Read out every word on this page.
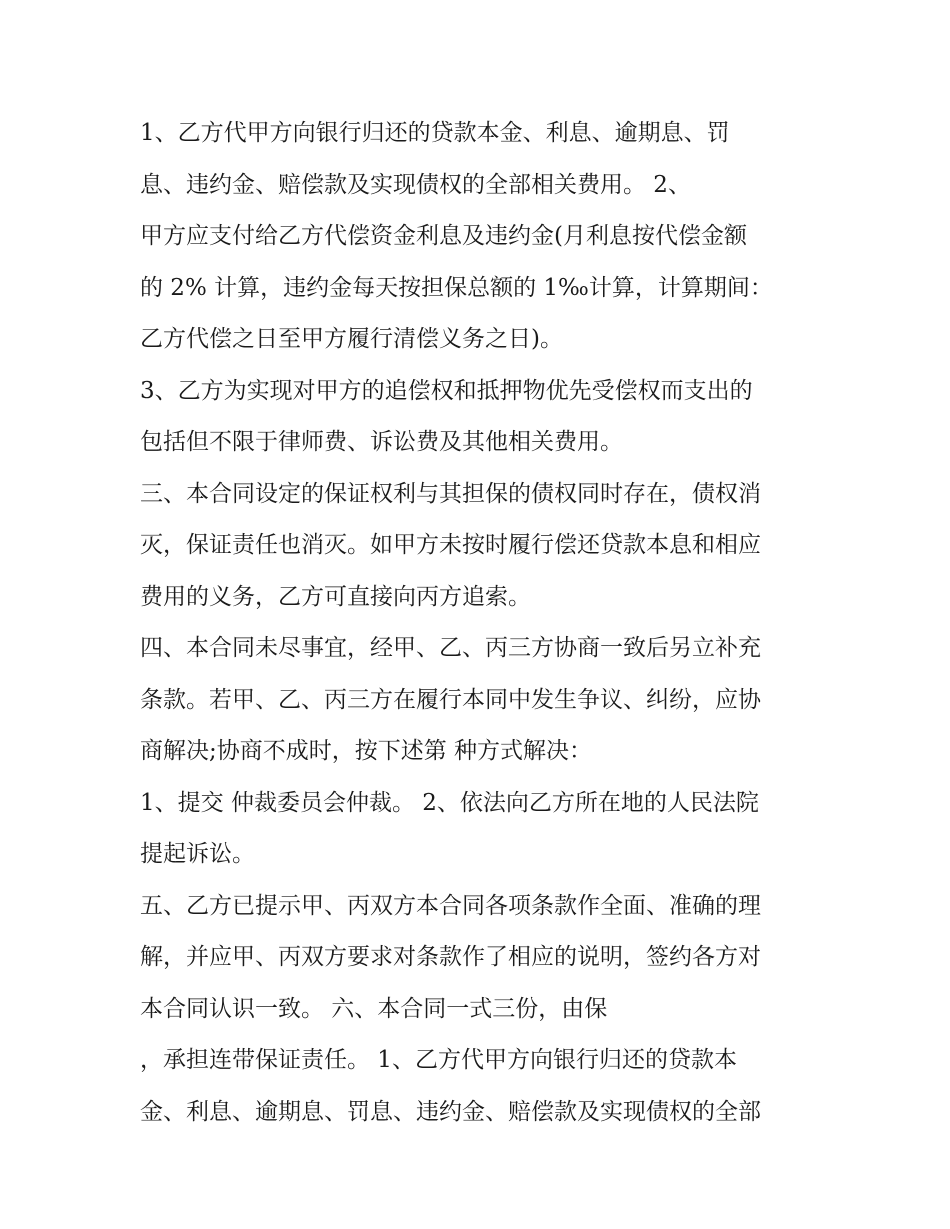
1、乙方代甲方向银行归还的贷款本金、利息、逾期息、罚
息、违约金、赔偿款及实现债权的全部相关费用。 2、
甲方应支付给乙方代偿资金利息及违约金(月利息按代偿金额
的 2% 计算，违约金每天按担保总额的 1‰计算，计算期间：
乙方代偿之日至甲方履行清偿义务之日)。
3、乙方为实现对甲方的追偿权和抵押物优先受偿权而支出的
包括但不限于律师费、诉讼费及其他相关费用。
三、本合同设定的保证权利与其担保的债权同时存在，债权消
灭，保证责任也消灭。如甲方未按时履行偿还贷款本息和相应
费用的义务，乙方可直接向丙方追索。
四、本合同未尽事宜，经甲、乙、丙三方协商一致后另立补充
条款。若甲、乙、丙三方在履行本同中发生争议、纠纷，应协
商解决;协商不成时，按下述第 种方式解决：
1、提交 仲裁委员会仲裁。 2、依法向乙方所在地的人民法院
提起诉讼。
五、乙方已提示甲、丙双方本合同各项条款作全面、准确的理
解，并应甲、丙双方要求对条款作了相应的说明，签约各方对
本合同认识一致。 六、本合同一式三份，由保
，承担连带保证责任。 1、乙方代甲方向银行归还的贷款本
金、利息、逾期息、罚息、违约金、赔偿款及实现债权的全部
